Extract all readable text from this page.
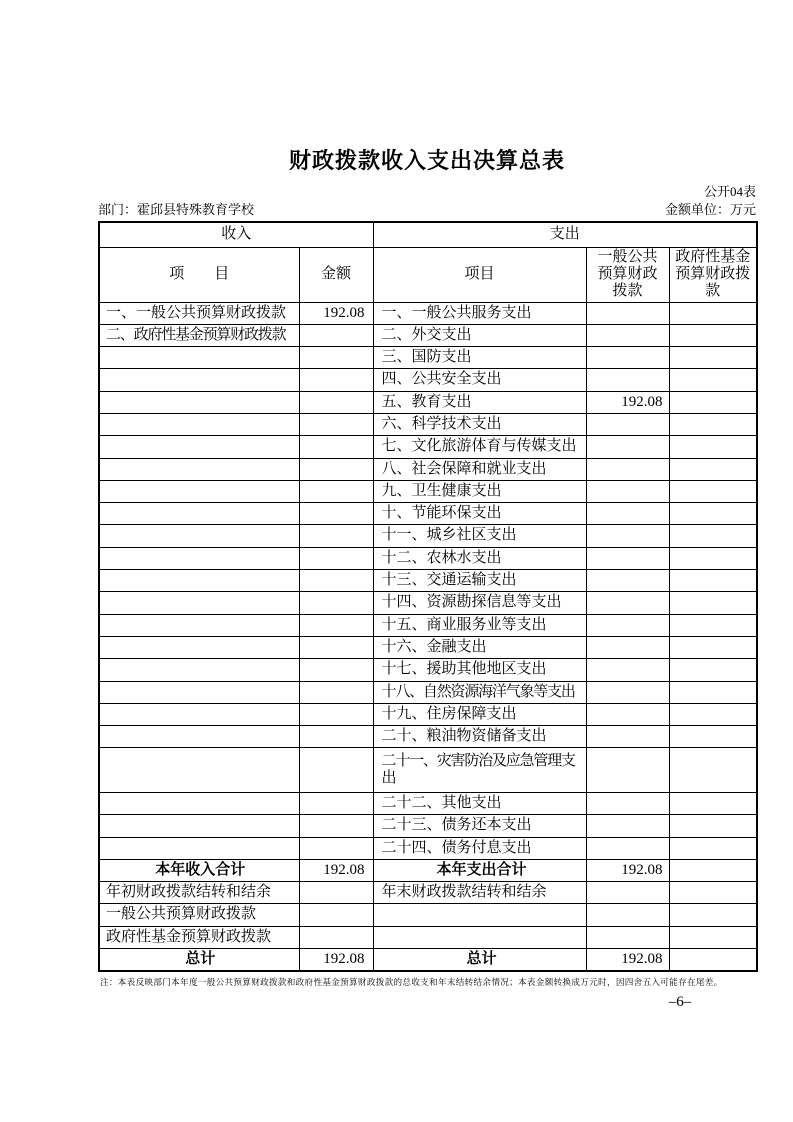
财政拨款收入支出决算总表
公开04表
部门：霍邱县特殊教育学校	金额单位：万元
收入		支出		
项　　目	金额	项目	一般公共预算财政拨款	政府性基金预算财政拨款
一、一般公共预算财政拨款	192.08	一、一般公共服务支出		
二、政府性基金预算财政拨款		二、外交支出		
		三、国防支出		
		四、公共安全支出		
		五、教育支出	192.08	
		六、科学技术支出		
		七、文化旅游体育与传媒支出		
		八、社会保障和就业支出		
		九、卫生健康支出		
		十、节能环保支出		
		十一、城乡社区支出		
		十二、农林水支出		
		十三、交通运输支出		
		十四、资源勘探信息等支出		
		十五、商业服务业等支出		
		十六、金融支出		
		十七、援助其他地区支出		
		十八、自然资源海洋气象等支出		
		十九、住房保障支出		
		二十、粮油物资储备支出		
		二十一、灾害防治及应急管理支出		
		二十二、其他支出		
		二十三、债务还本支出		
		二十四、债务付息支出		
本年收入合计	192.08	本年支出合计	192.08	
年初财政拨款结转和结余		年末财政拨款结转和结余		
一般公共预算财政拨款				
政府性基金预算财政拨款				
总计	192.08	总计	192.08	
注：本表反映部门本年度一般公共预算财政拨款和政府性基金预算财政拨款的总收支和年末结转结余情况；本表金额转换成万元时，因四舍五入可能存在尾差。
–6–
